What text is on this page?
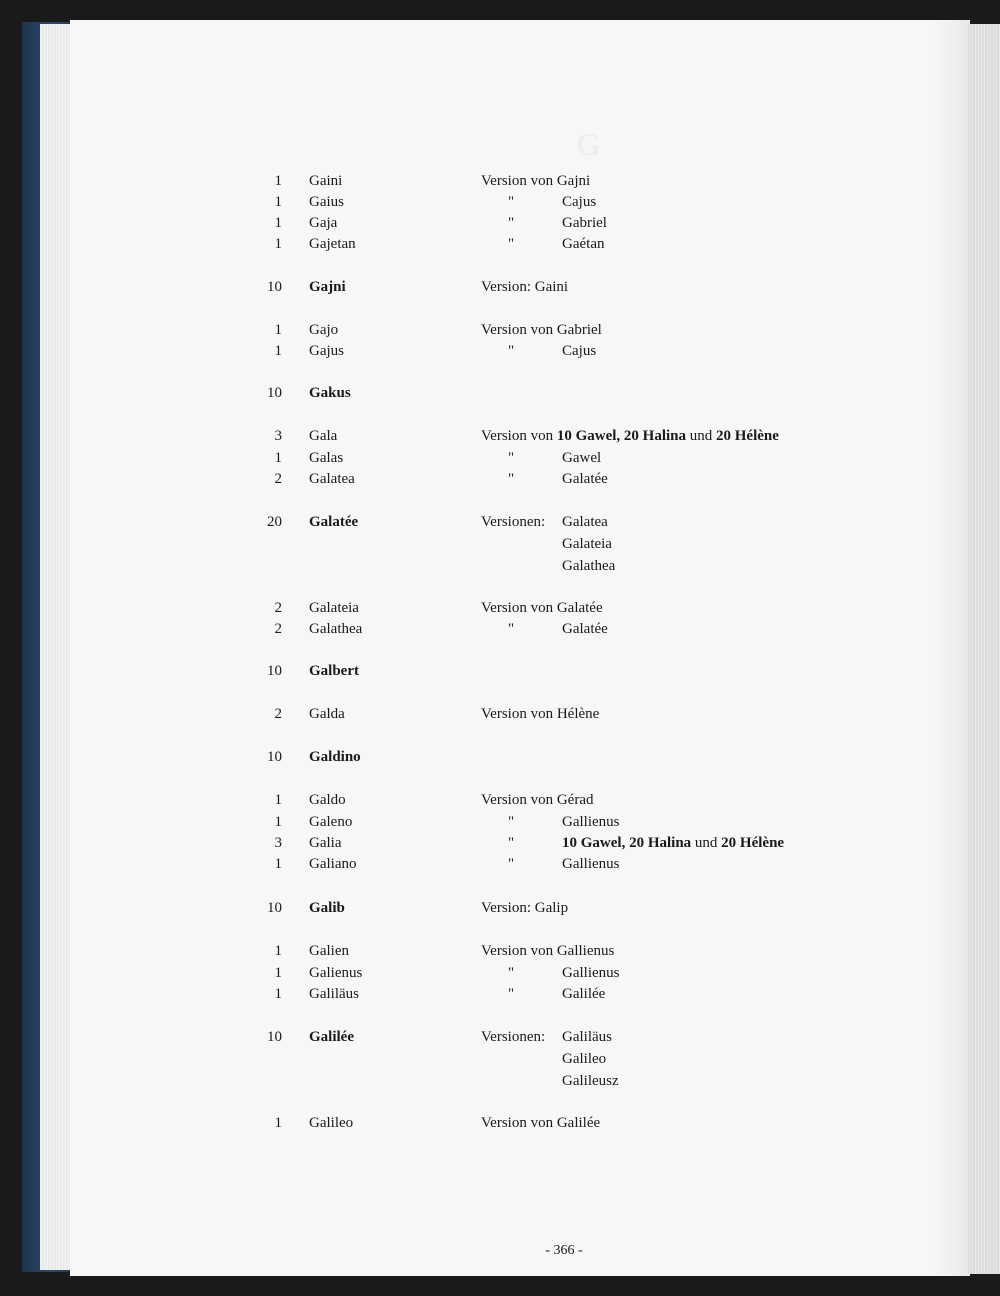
G
1 Gaini	Version von Gajni
1 Gaius	"	Cajus
1 Gaja	"	Gabriel
1 Gajetan	"	Gaétan
10 Gajni	Version: Gaini
1 Gajo	Version von Gabriel
1 Gajus	"	Cajus
10 Gakus
3 Gala	Version von 10 Gawel, 20 Halina und 20 Hélène
1 Galas	"	Gawel
2 Galatea	"	Galatée
20 Galatée	Versionen: Galatea
Galateia
Galathea
2 Galateia	Version von Galatée
2 Galathea	"	Galatée
10 Galbert
2 Galda	Version von Hélène
10 Galdino
1 Galdo	Version von Gérad
1 Galeno	"	Gallienus
3 Galia	"	10 Gawel, 20 Halina und 20 Hélène
1 Galiano	"	Gallienus
10 Galib	Version: Galip
1 Galien	Version von Gallienus
1 Galienus	"	Gallienus
1 Galiläus	"	Galilée
10 Galilée	Versionen: Galiläus
Galileo
Galileusz
1 Galileo	Version von Galilée
- 366 -
